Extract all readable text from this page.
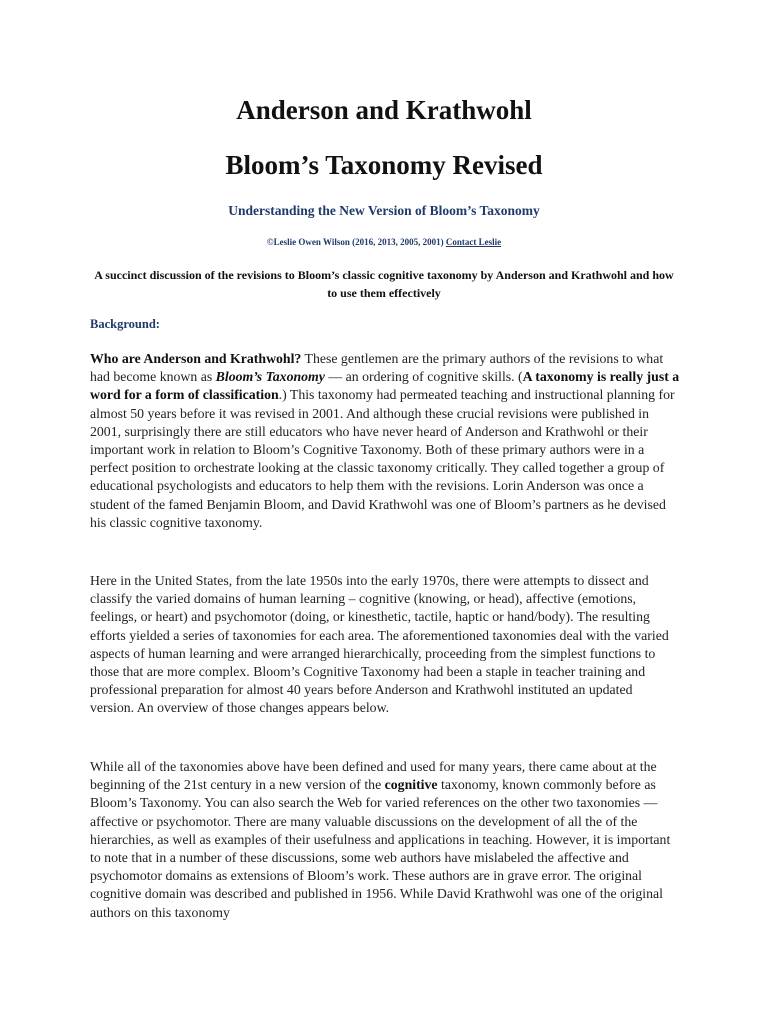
Anderson and Krathwohl
Bloom’s Taxonomy Revised

Understanding the New Version of Bloom’s Taxonomy

©Leslie Owen Wilson (2016, 2013, 2005, 2001) Contact Leslie

A succinct discussion of the revisions to Bloom’s classic cognitive taxonomy by Anderson and Krathwohl and how to use them effectively

Background:

Who are Anderson and Krathwohl? These gentlemen are the primary authors of the revisions to what had become known as Bloom’s Taxonomy — an ordering of cognitive skills. (A taxonomy is really just a word for a form of classification.) This taxonomy had permeated teaching and instructional planning for almost 50 years before it was revised in 2001. And although these crucial revisions were published in 2001, surprisingly there are still educators who have never heard of Anderson and Krathwohl or their important work in relation to Bloom’s Cognitive Taxonomy. Both of these primary authors were in a perfect position to orchestrate looking at the classic taxonomy critically. They called together a group of educational psychologists and educators to help them with the revisions. Lorin Anderson was once a student of the famed Benjamin Bloom, and David Krathwohl was one of Bloom’s partners as he devised his classic cognitive taxonomy.

Here in the United States, from the late 1950s into the early 1970s, there were attempts to dissect and classify the varied domains of human learning – cognitive (knowing, or head), affective (emotions, feelings, or heart) and psychomotor (doing, or kinesthetic, tactile, haptic or hand/body). The resulting efforts yielded a series of taxonomies for each area. The aforementioned taxonomies deal with the varied aspects of human learning and were arranged hierarchically, proceeding from the simplest functions to those that are more complex. Bloom’s Cognitive Taxonomy had been a staple in teacher training and professional preparation for almost 40 years before Anderson and Krathwohl instituted an updated version. An overview of those changes appears below.

While all of the taxonomies above have been defined and used for many years, there came about at the beginning of the 21st century in a new version of the cognitive taxonomy, known commonly before as Bloom’s Taxonomy. You can also search the Web for varied references on the other two taxonomies — affective or psychomotor. There are many valuable discussions on the development of all the of the hierarchies, as well as examples of their usefulness and applications in teaching. However, it is important to note that in a number of these discussions, some web authors have mislabeled the affective and psychomotor domains as extensions of Bloom’s work. These authors are in grave error. The original cognitive domain was described and published in 1956. While David Krathwohl was one of the original authors on this taxonomy
